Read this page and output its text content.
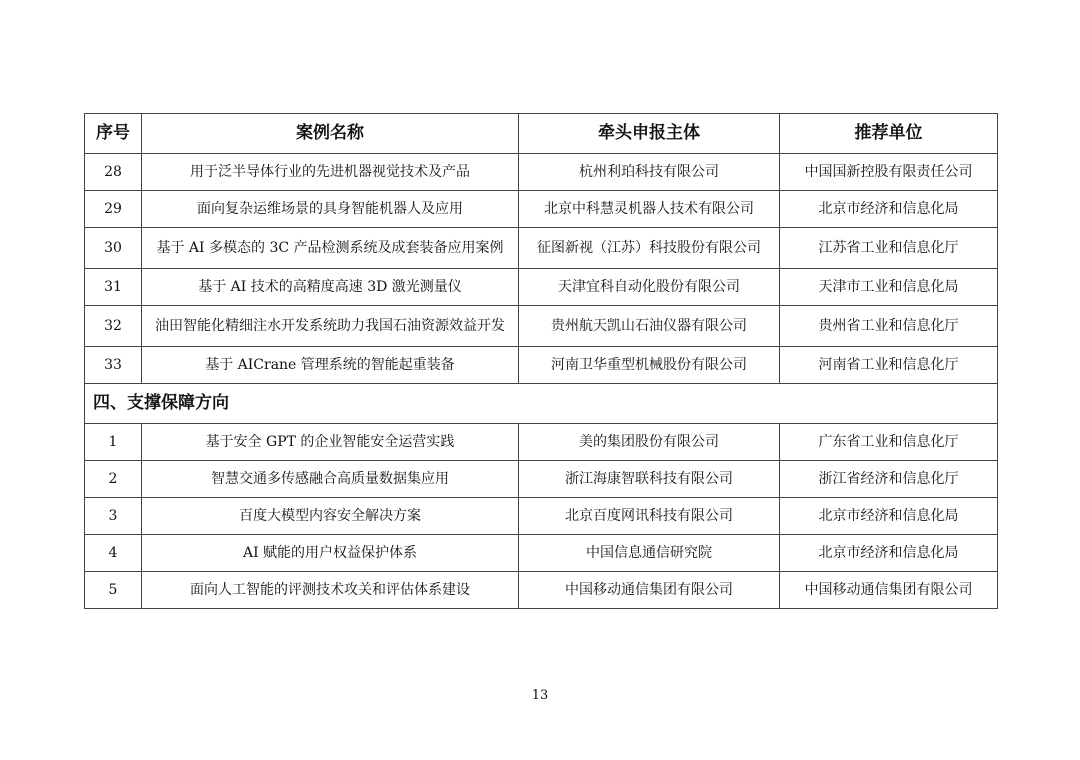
序号	案例名称	牵头申报主体	推荐单位
28	用于泛半导体行业的先进机器视觉技术及产品	杭州利珀科技有限公司	中国国新控股有限责任公司
29	面向复杂运维场景的具身智能机器人及应用	北京中科慧灵机器人技术有限公司	北京市经济和信息化局
30	基于 AI 多模态的 3C 产品检测系统及成套装备应用案例	征图新视（江苏）科技股份有限公司	江苏省工业和信息化厅
31	基于 AI 技术的高精度高速 3D 激光测量仪	天津宜科自动化股份有限公司	天津市工业和信息化局
32	油田智能化精细注水开发系统助力我国石油资源效益开发	贵州航天凯山石油仪器有限公司	贵州省工业和信息化厅
33	基于 AICrane 管理系统的智能起重装备	河南卫华重型机械股份有限公司	河南省工业和信息化厅
四、支撑保障方向			
1	基于安全 GPT 的企业智能安全运营实践	美的集团股份有限公司	广东省工业和信息化厅
2	智慧交通多传感融合高质量数据集应用	浙江海康智联科技有限公司	浙江省经济和信息化厅
3	百度大模型内容安全解决方案	北京百度网讯科技有限公司	北京市经济和信息化局
4	AI 赋能的用户权益保护体系	中国信息通信研究院	北京市经济和信息化局
5	面向人工智能的评测技术攻关和评估体系建设	中国移动通信集团有限公司	中国移动通信集团有限公司
13
